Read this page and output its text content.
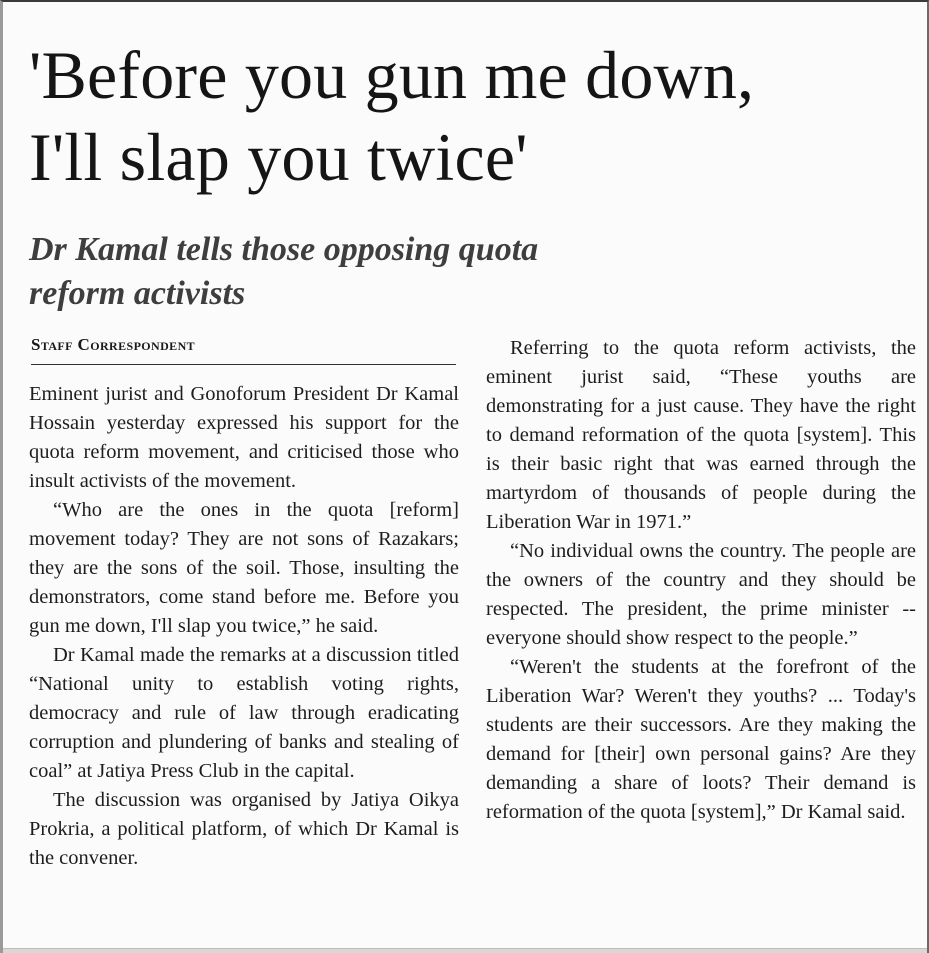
'Before you gun me down,
I'll slap you twice'
Dr Kamal tells those opposing quota
reform activists
Staff Correspondent

Eminent jurist and Gonoforum President Dr Kamal Hossain yesterday expressed his support for the quota reform movement, and criticised those who insult activists of the movement.

“Who are the ones in the quota [reform] movement today? They are not sons of Razakars; they are the sons of the soil. Those, insulting the demonstrators, come stand before me. Before you gun me down, I'll slap you twice,” he said.

Dr Kamal made the remarks at a discussion titled “National unity to establish voting rights, democracy and rule of law through eradicating corruption and plundering of banks and stealing of coal” at Jatiya Press Club in the capital.

The discussion was organised by Jatiya Oikya Prokria, a political platform, of which Dr Kamal is the convener.

Referring to the quota reform activists, the eminent jurist said, “These youths are demonstrating for a just cause. They have the right to demand reformation of the quota [system]. This is their basic right that was earned through the martyrdom of thousands of people during the Liberation War in 1971.”

“No individual owns the country. The people are the owners of the country and they should be respected. The president, the prime minister -- everyone should show respect to the people.”

“Weren't the students at the forefront of the Liberation War? Weren't they youths? ... Today's students are their successors. Are they making the demand for [their] own personal gains? Are they demanding a share of loots? Their demand is reformation of the quota [system],” Dr Kamal said.
